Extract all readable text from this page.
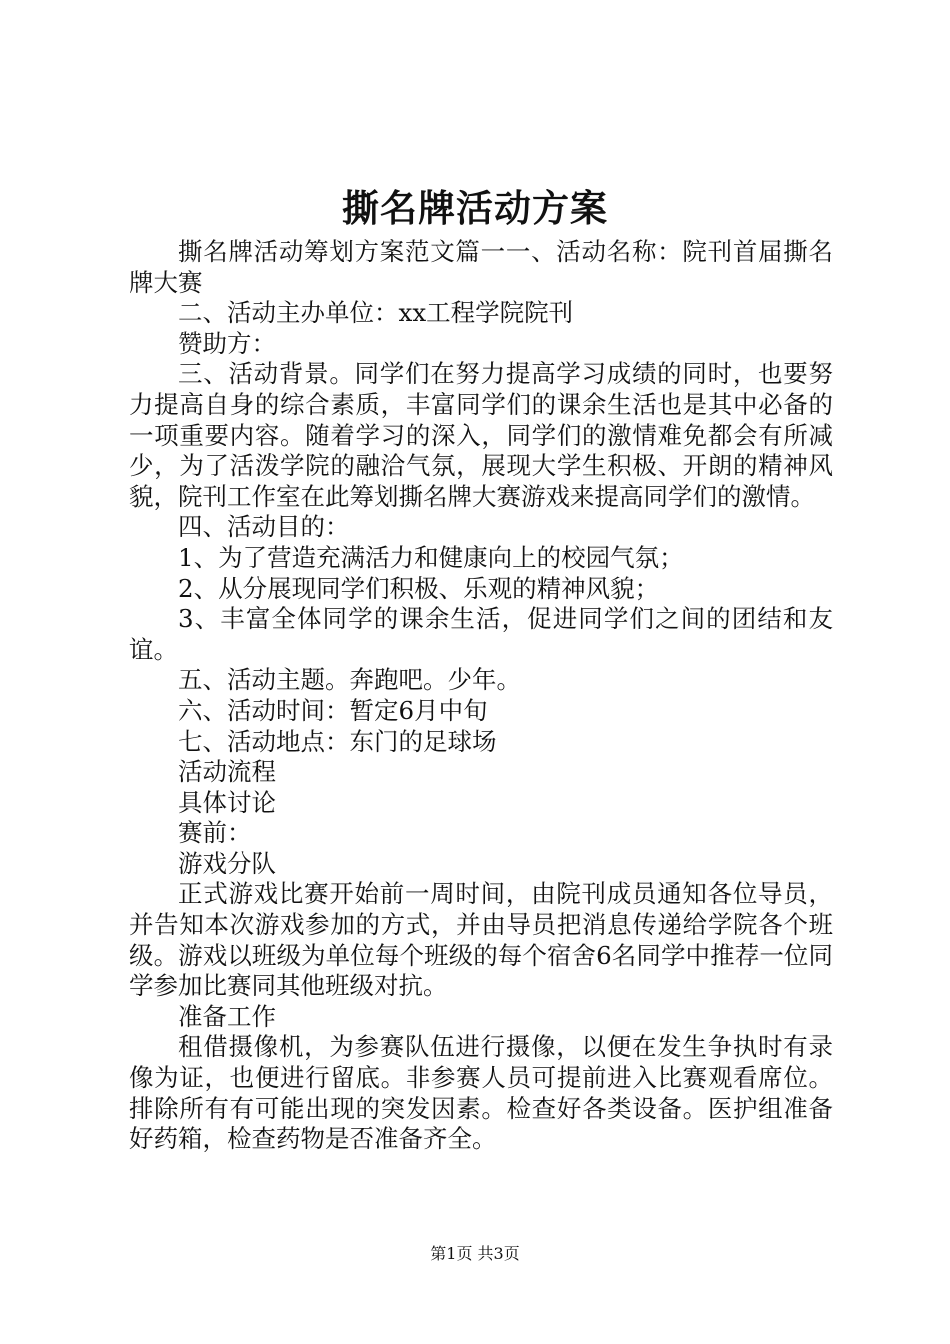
撕名牌活动方案

撕名牌活动筹划方案范文篇一一、活动名称：院刊首届撕名牌大赛

二、活动主办单位：xx工程学院院刊

赞助方：

三、活动背景。同学们在努力提高学习成绩的同时，也要努力提高自身的综合素质，丰富同学们的课余生活也是其中必备的一项重要内容。随着学习的深入，同学们的激情难免都会有所减少，为了活泼学院的融洽气氛，展现大学生积极、开朗的精神风貌，院刊工作室在此筹划撕名牌大赛游戏来提高同学们的激情。

四、活动目的：

1、为了营造充满活力和健康向上的校园气氛；

2、从分展现同学们积极、乐观的精神风貌；

3、丰富全体同学的课余生活，促进同学们之间的团结和友谊。

五、活动主题。奔跑吧。少年。

六、活动时间：暂定6月中旬

七、活动地点：东门的足球场

活动流程

具体讨论

赛前：

游戏分队

正式游戏比赛开始前一周时间，由院刊成员通知各位导员，并告知本次游戏参加的方式，并由导员把消息传递给学院各个班级。游戏以班级为单位每个班级的每个宿舍6名同学中推荐一位同学参加比赛同其他班级对抗。

准备工作

租借摄像机，为参赛队伍进行摄像，以便在发生争执时有录像为证，也便进行留底。非参赛人员可提前进入比赛观看席位。排除所有有可能出现的突发因素。检查好各类设备。医护组准备好药箱，检查药物是否准备齐全。

第1页 共3页
